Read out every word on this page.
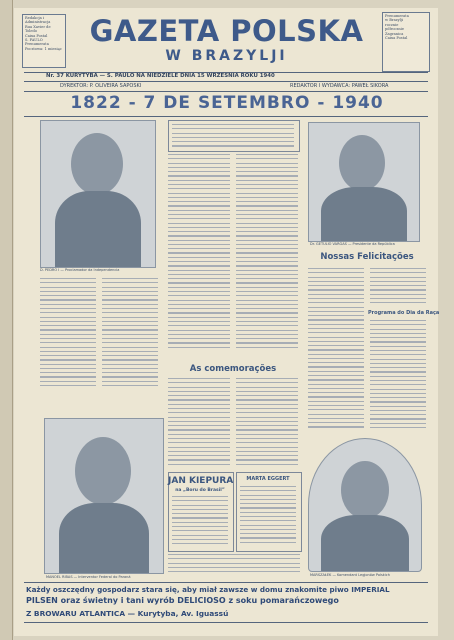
Redakcja i Administracja
Rua Xavier de Toledo
Caixa Postal
S. PAULO
Prenumerata
Pocztowa: 1 miesiąc
Prenumerata
w Brazylji
rocznie
półrocznie
Zagranica
Caixa Postal
GAZETA POLSKA
W BRAZYLJI
Nr. 37 KURYTYBA — S. PAULO NA NIEDZIELE DNIA 15 WRZEŚNIA ROKU 1940
DYREKTOR: P. OLIVEIRA SAPOSKI	REDAKTOR I WYDAWCA: PAWEŁ SIKORA
1822 - 7 DE SETEMBRO - 1940
D. PEDRO I — Proclamador da Independencia
Dr. GETULIO VARGAS — Presidente da República
As comemorações
Nossas Felicitações
Programa do Dia da Raça
MANOEL RIBAS — Interventor Federal do Paraná
JAN KIEPURA
na „Boru do Brasil”
MARTA EGGERT
MARSZAŁEK — Komendant Legjonów Polskich
Każdy oszczędny gospodarz stara się, aby miał zawsze w domu znakomite piwo IMPERIAL
PILSEN oraz świetny i tani wyrób DELICIOSO z soku pomarańczowego
Z BROWARU ATLANTICA — Kurytyba, Av. Iguassú
